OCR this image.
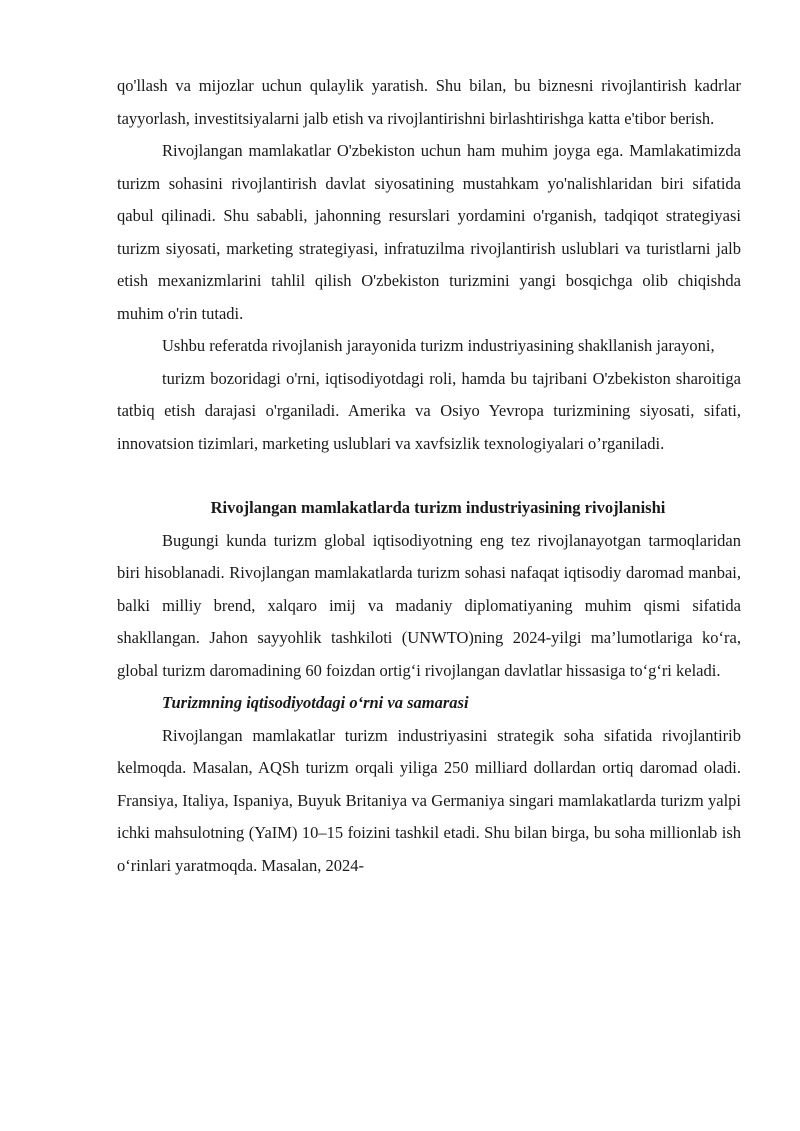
qo'llash va mijozlar uchun qulaylik yaratish. Shu bilan, bu biznesni rivojlantirish kadrlar tayyorlash, investitsiyalarni jalb etish va rivojlantirishni birlashtirishga katta e'tibor berish.

Rivojlangan mamlakatlar O'zbekiston uchun ham muhim joyga ega. Mamlakatimizda turizm sohasini rivojlantirish davlat siyosatining mustahkam yo'nalishlaridan biri sifatida qabul qilinadi. Shu sababli, jahonning resurslari yordamini o'rganish, tadqiqot strategiyasi turizm siyosati, marketing strategiyasi, infratuzilma rivojlantirish uslublari va turistlarni jalb etish mexanizmlarini tahlil qilish O'zbekiston turizmini yangi bosqichga olib chiqishda muhim o'rin tutadi.

Ushbu referatda rivojlanish jarayonida turizm industriyasining shakllanish jarayoni,

turizm bozoridagi o'rni, iqtisodiyotdagi roli, hamda bu tajribani O'zbekiston sharoitiga tatbiq etish darajasi o'rganiladi. Amerika va Osiyo Yevropa turizmining siyosati, sifati, innovatsion tizimlari, marketing uslublari va xavfsizlik texnologiyalari o’rganiladi.

Rivojlangan mamlakatlarda turizm industriyasining rivojlanishi

Bugungi kunda turizm global iqtisodiyotning eng tez rivojlanayotgan tarmoqlaridan biri hisoblanadi. Rivojlangan mamlakatlarda turizm sohasi nafaqat iqtisodiy daromad manbai, balki milliy brend, xalqaro imij va madaniy diplomatiyaning muhim qismi sifatida shakllangan. Jahon sayyohlik tashkiloti (UNWTO)ning 2024-yilgi ma’lumotlariga ko‘ra, global turizm daromadining 60 foizdan ortig‘i rivojlangan davlatlar hissasiga to‘g‘ri keladi.

Turizmning iqtisodiyotdagi o‘rni va samarasi

Rivojlangan mamlakatlar turizm industriyasini strategik soha sifatida rivojlantirib kelmoqda. Masalan, AQSh turizm orqali yiliga 250 milliard dollardan ortiq daromad oladi. Fransiya, Italiya, Ispaniya, Buyuk Britaniya va Germaniya singari mamlakatlarda turizm yalpi ichki mahsulotning (YaIM) 10–15 foizini tashkil etadi. Shu bilan birga, bu soha millionlab ish o‘rinlari yaratmoqda. Masalan, 2024-
